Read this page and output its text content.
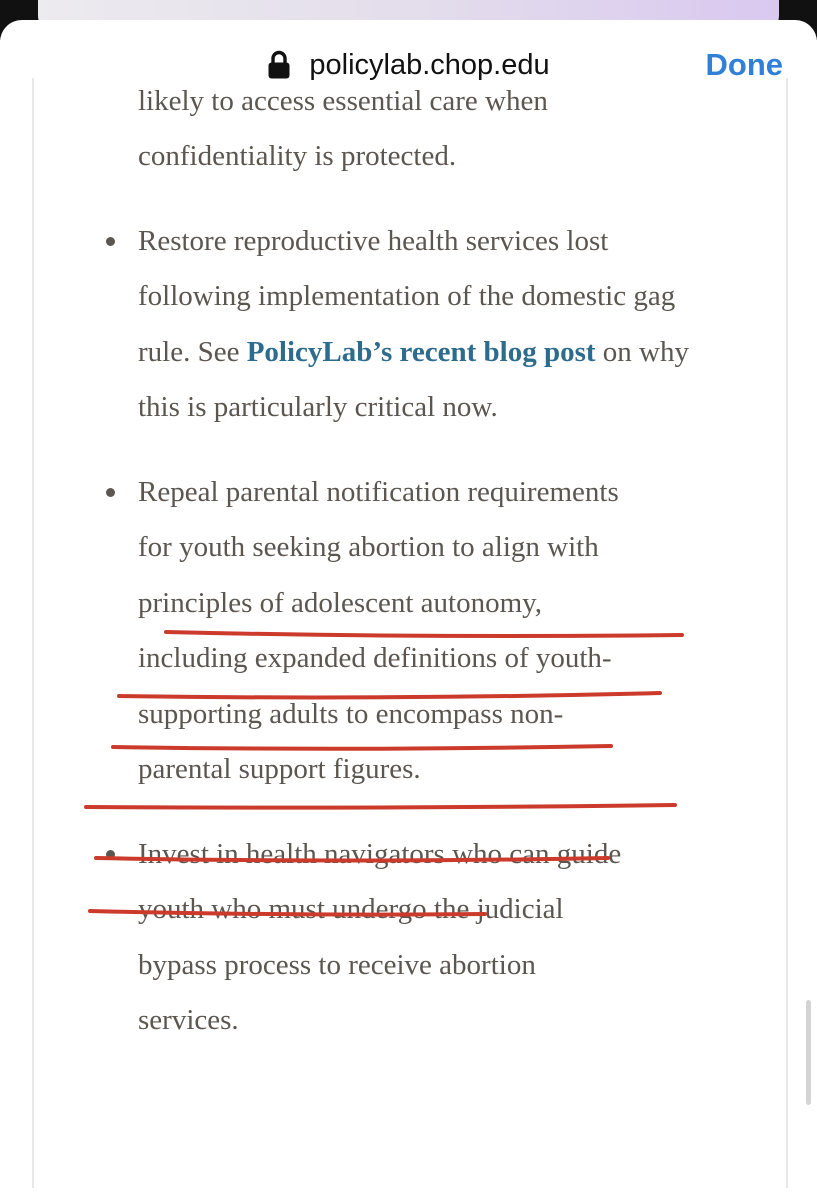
policylab.chop.edu	Done
likely to access essential care when
confidentiality is protected.
Restore reproductive health services lost following implementation of the domestic gag rule. See PolicyLab’s recent blog post on why this is particularly critical now.
Repeal parental notification requirements
for youth seeking abortion to align with
principles of adolescent autonomy,
including expanded definitions of youth-
supporting adults to encompass non-
parental support figures.
Invest in health navigators who can guide
youth who must undergo the judicial
bypass process to receive abortion
services.
